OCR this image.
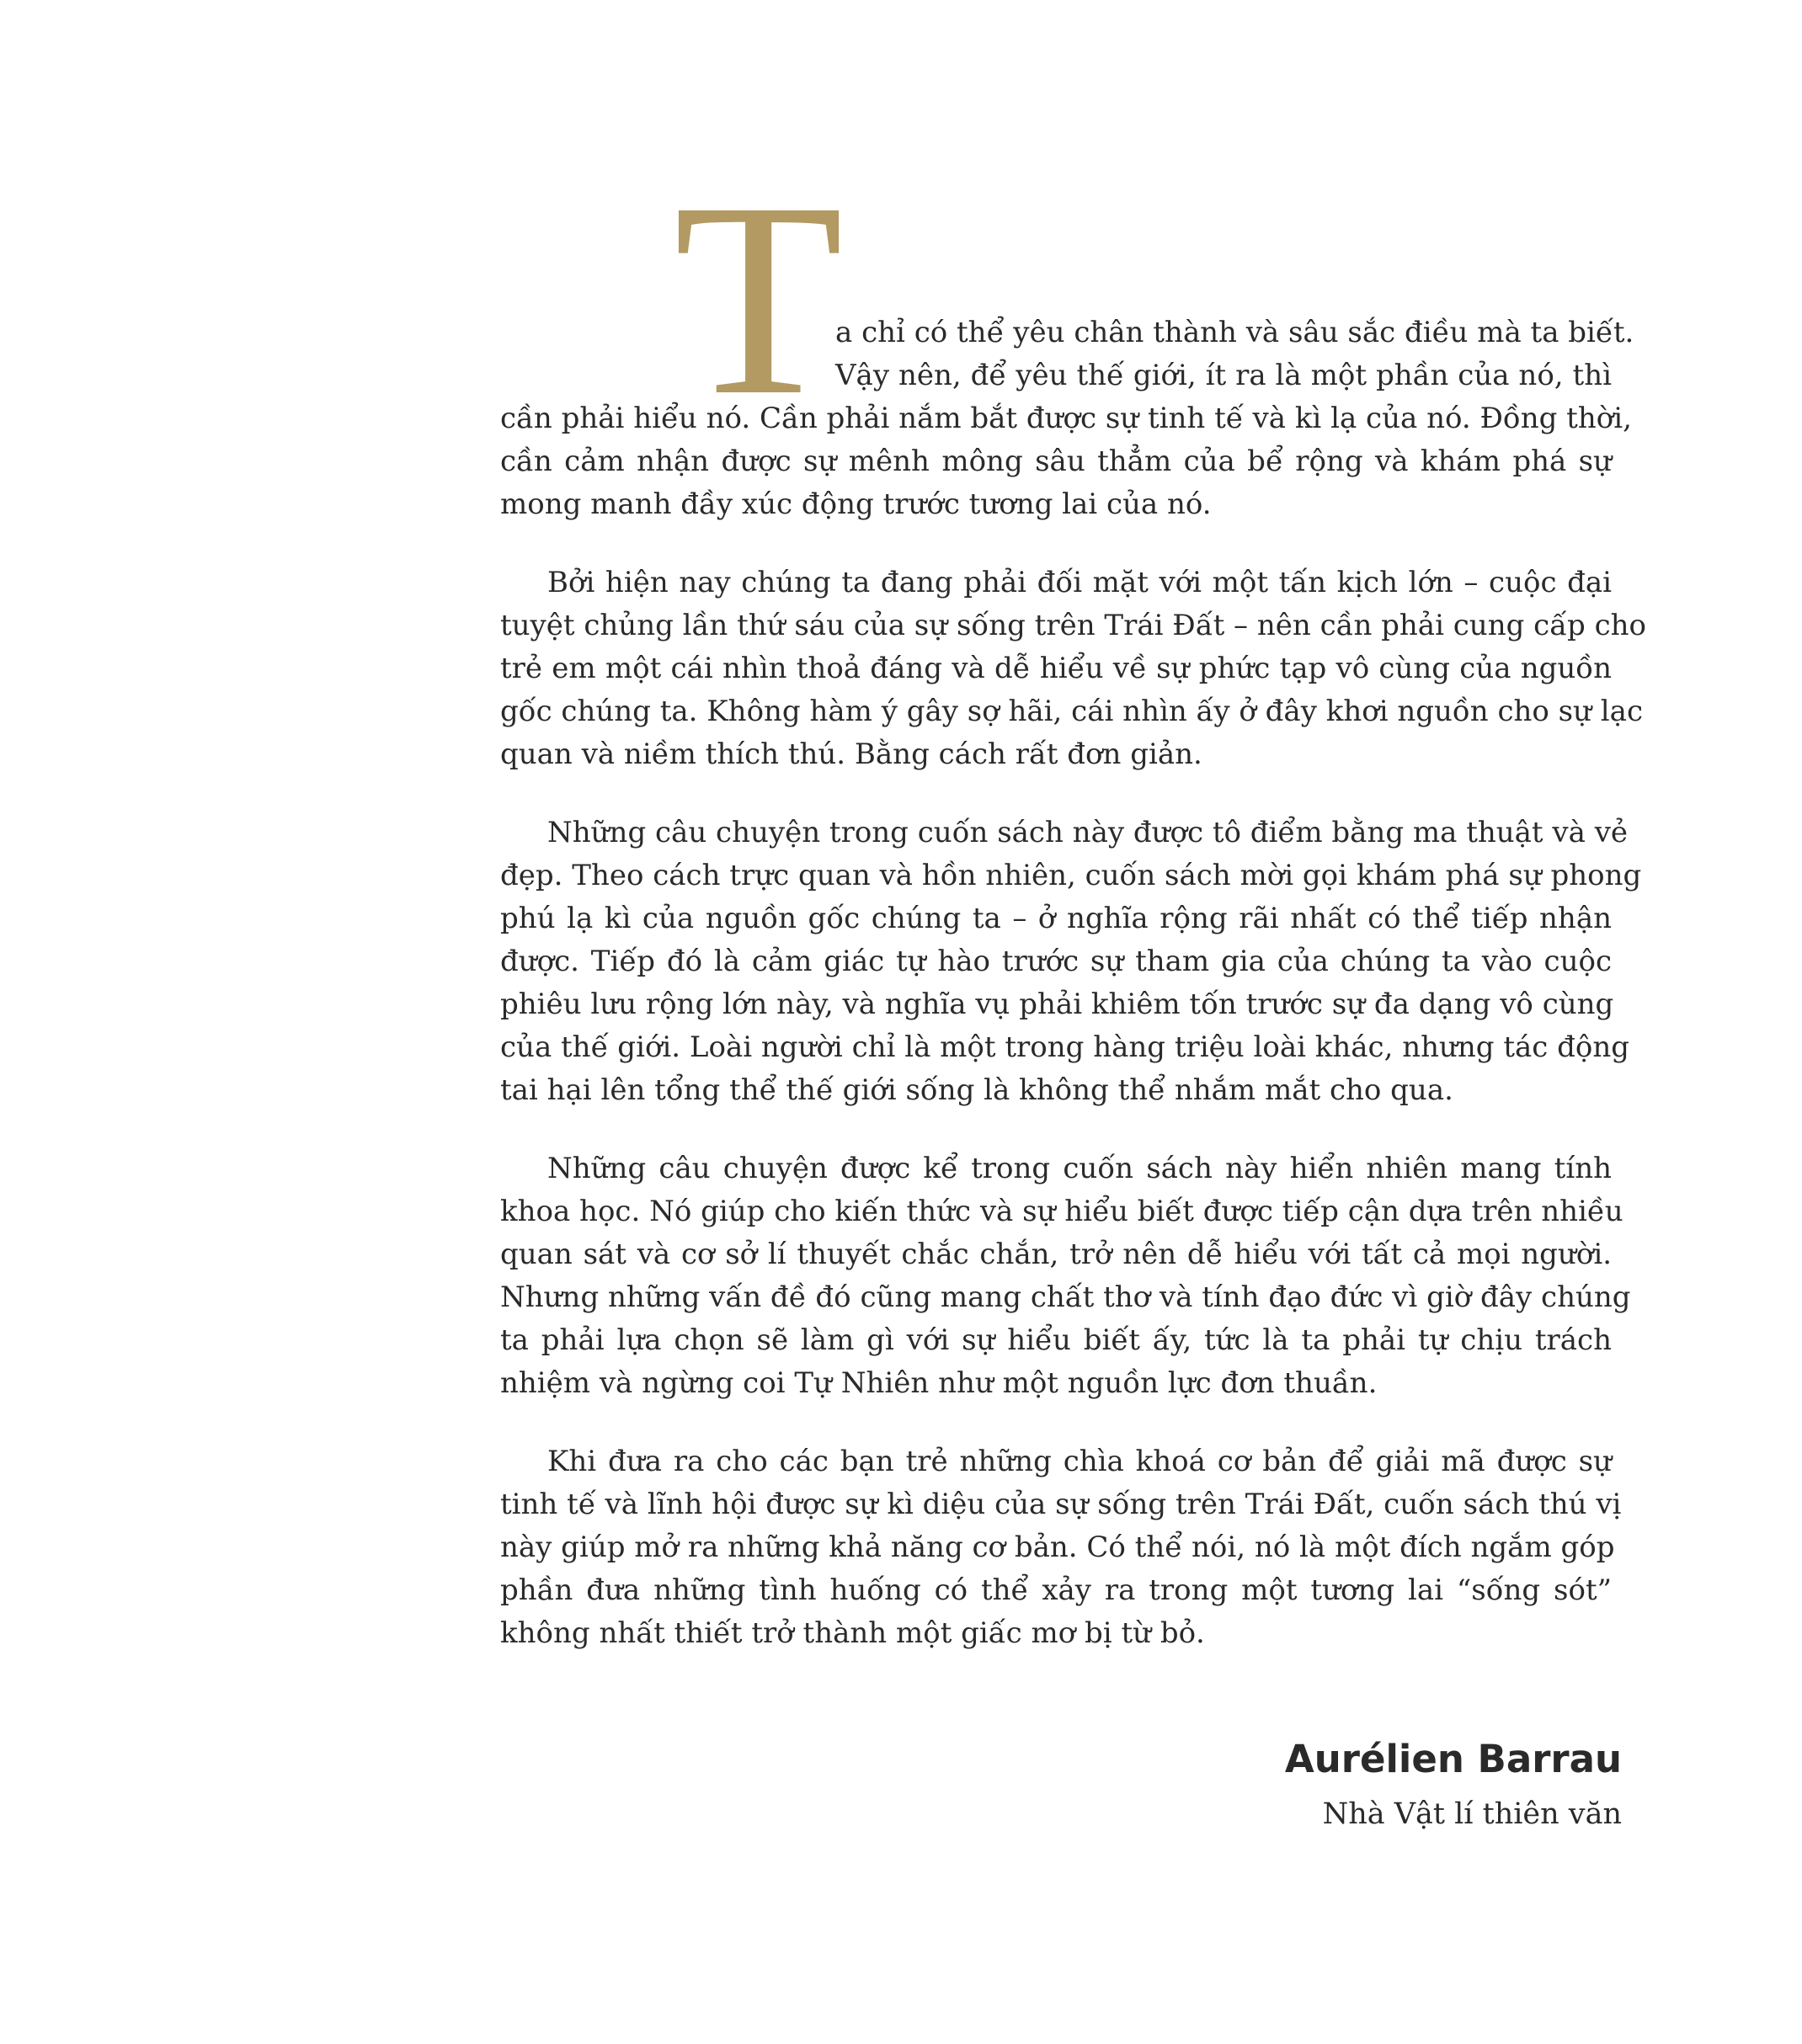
T
a chỉ có thể yêu chân thành và sâu sắc điều mà ta biết.
Vậy nên, để yêu thế giới, ít ra là một phần của nó, thì
cần phải hiểu nó. Cần phải nắm bắt được sự tinh tế và kì lạ của nó. Đồng thời,
cần cảm nhận được sự mênh mông sâu thẳm của bể rộng và khám phá sự
mong manh đầy xúc động trước tương lai của nó.
Bởi hiện nay chúng ta đang phải đối mặt với một tấn kịch lớn – cuộc đại
tuyệt chủng lần thứ sáu của sự sống trên Trái Đất – nên cần phải cung cấp cho
trẻ em một cái nhìn thoả đáng và dễ hiểu về sự phức tạp vô cùng của nguồn
gốc chúng ta. Không hàm ý gây sợ hãi, cái nhìn ấy ở đây khơi nguồn cho sự lạc
quan và niềm thích thú. Bằng cách rất đơn giản.
Những câu chuyện trong cuốn sách này được tô điểm bằng ma thuật và vẻ
đẹp. Theo cách trực quan và hồn nhiên, cuốn sách mời gọi khám phá sự phong
phú lạ kì của nguồn gốc chúng ta – ở nghĩa rộng rãi nhất có thể tiếp nhận
được. Tiếp đó là cảm giác tự hào trước sự tham gia của chúng ta vào cuộc
phiêu lưu rộng lớn này, và nghĩa vụ phải khiêm tốn trước sự đa dạng vô cùng
của thế giới. Loài người chỉ là một trong hàng triệu loài khác, nhưng tác động
tai hại lên tổng thể thế giới sống là không thể nhắm mắt cho qua.
Những câu chuyện được kể trong cuốn sách này hiển nhiên mang tính
khoa học. Nó giúp cho kiến thức và sự hiểu biết được tiếp cận dựa trên nhiều
quan sát và cơ sở lí thuyết chắc chắn, trở nên dễ hiểu với tất cả mọi người.
Nhưng những vấn đề đó cũng mang chất thơ và tính đạo đức vì giờ đây chúng
ta phải lựa chọn sẽ làm gì với sự hiểu biết ấy, tức là ta phải tự chịu trách
nhiệm và ngừng coi Tự Nhiên như một nguồn lực đơn thuần.
Khi đưa ra cho các bạn trẻ những chìa khoá cơ bản để giải mã được sự
tinh tế và lĩnh hội được sự kì diệu của sự sống trên Trái Đất, cuốn sách thú vị
này giúp mở ra những khả năng cơ bản. Có thể nói, nó là một đích ngắm góp
phần đưa những tình huống có thể xảy ra trong một tương lai “sống sót”
không nhất thiết trở thành một giấc mơ bị từ bỏ.
Aurélien Barrau
Nhà Vật lí thiên văn
